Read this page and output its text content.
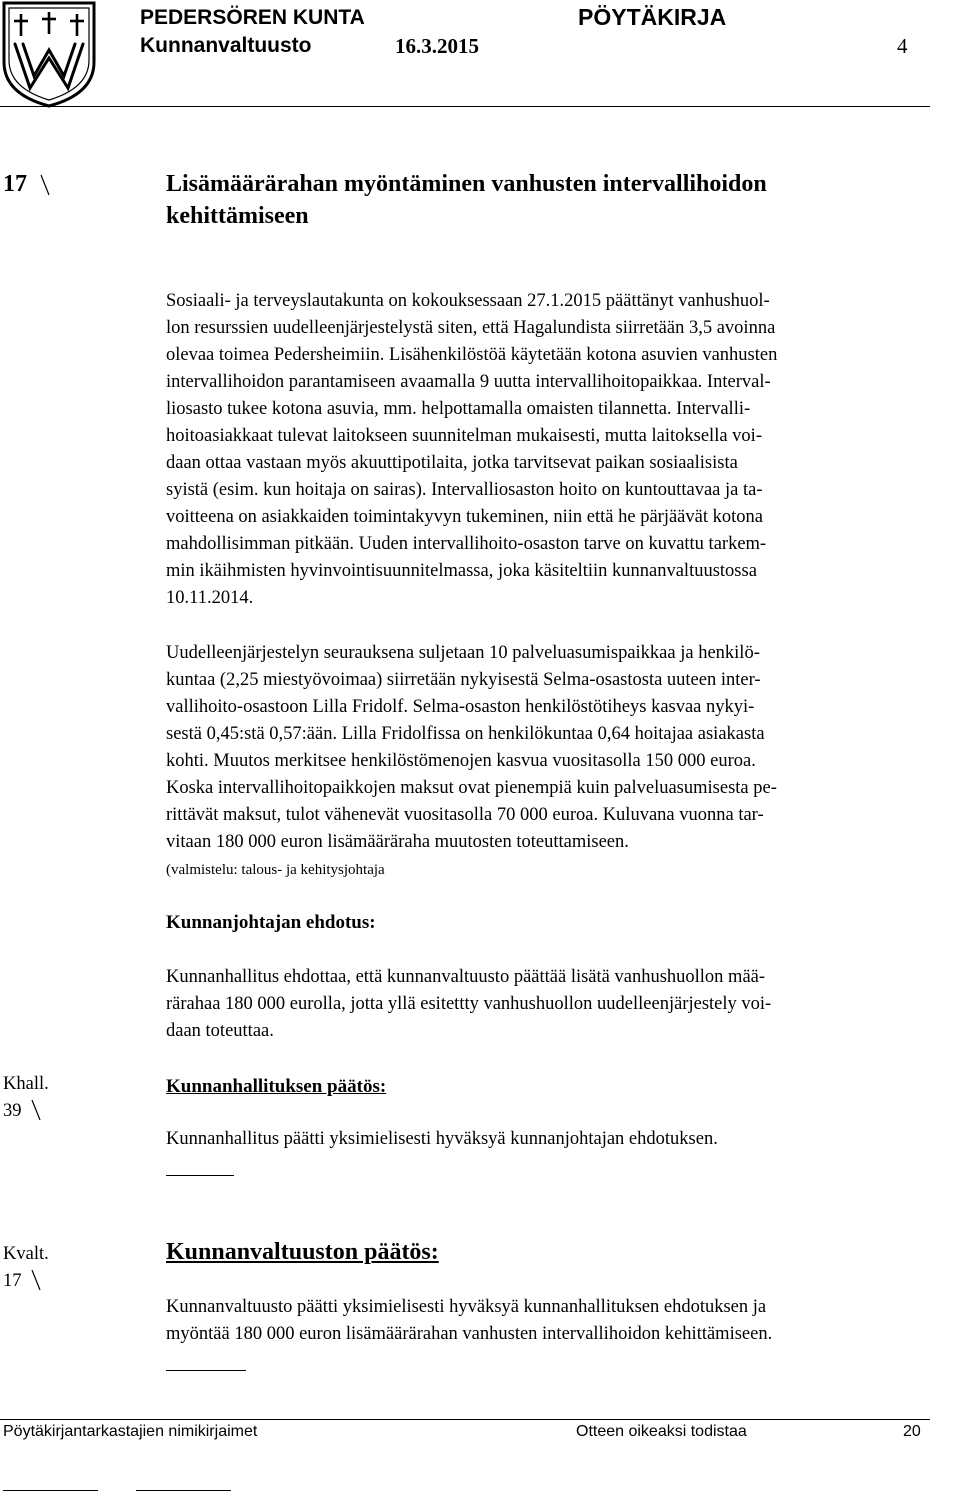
PEDERSÖREN KUNTA	PÖYTÄKIRJA
Kunnanvaltuusto	16.3.2015	4
17	Lisämäärärahan myöntäminen vanhusten intervallihoidon
kehittämiseen
Sosiaali- ja terveyslautakunta on kokouksessaan 27.1.2015 päättänyt vanhushuol-
lon resurssien uudelleenjärjestelystä siten, että Hagalundista siirretään 3,5 avoinna
olevaa toimea Pedersheimiin. Lisähenkilöstöä käytetään kotona asuvien vanhusten
intervallihoidon parantamiseen avaamalla 9 uutta intervallihoitopaikkaa. Interval-
liosasto tukee kotona asuvia, mm. helpottamalla omaisten tilannetta. Intervalli-
hoitoasiakkaat tulevat laitokseen suunnitelman mukaisesti, mutta laitoksella voi-
daan ottaa vastaan myös akuuttipotilaita, jotka tarvitsevat paikan sosiaalisista
syistä (esim. kun hoitaja on sairas). Intervalliosaston hoito on kuntouttavaa ja ta-
voitteena on asiakkaiden toimintakyvyn tukeminen, niin että he pärjäävät kotona
mahdollisimman pitkään. Uuden intervallihoito-osaston tarve on kuvattu tarkem-
min ikäihmisten hyvinvointisuunnitelmassa, joka käsiteltiin kunnanvaltuustossa
10.11.2014.
Uudelleenjärjestelyn seurauksena suljetaan 10 palveluasumispaikkaa ja henkilö-
kuntaa (2,25 miestyövoimaa) siirretään nykyisestä Selma-osastosta uuteen inter-
vallihoito-osastoon Lilla Fridolf. Selma-osaston henkilöstötiheys kasvaa nykyi-
sestä 0,45:stä 0,57:ään. Lilla Fridolfissa on henkilökuntaa 0,64 hoitajaa asiakasta
kohti. Muutos merkitsee henkilöstömenojen kasvua vuositasolla 150 000 euroa.
Koska intervallihoitopaikkojen maksut ovat pienempiä kuin palveluasumisesta pe-
rittävät maksut, tulot vähenevät vuositasolla 70 000 euroa. Kuluvana vuonna tar-
vitaan 180 000 euron lisämääräraha muutosten toteuttamiseen.
(valmistelu: talous- ja kehitysjohtaja
Kunnanjohtajan ehdotus:
Kunnanhallitus ehdottaa, että kunnanvaltuusto päättää lisätä vanhushuollon mää-
rärahaa 180 000 eurolla, jotta yllä esitettty vanhushuollon uudelleenjärjestely voi-
daan toteuttaa.
Khall.
39
Kunnanhallituksen päätös:
Kunnanhallitus päätti yksimielisesti hyväksyä kunnanjohtajan ehdotuksen.
Kvalt.
17
Kunnanvaltuuston päätös:
Kunnanvaltuusto päätti yksimielisesti hyväksyä kunnanhallituksen ehdotuksen ja
myöntää 180 000 euron lisämäärärahan vanhusten intervallihoidon kehittämiseen.
Pöytäkirjantarkastajien nimikirjaimet	Otteen oikeaksi todistaa	20
